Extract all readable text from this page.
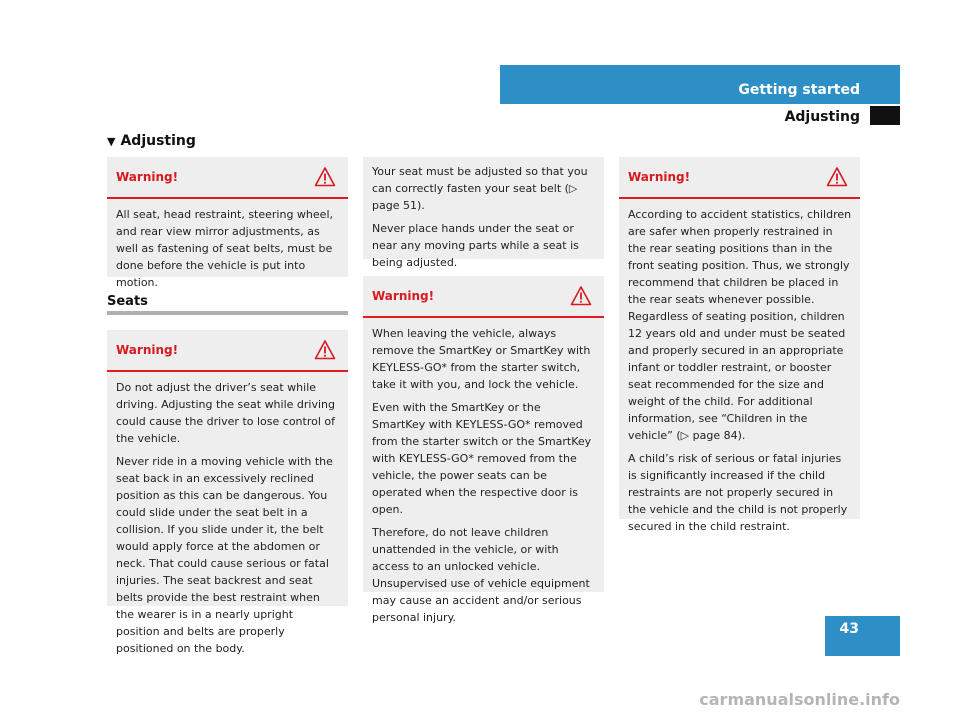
Getting started
Adjusting
▼ Adjusting
Warning!

All seat, head restraint, steering wheel, and rear view mirror adjustments, as well as fastening of seat belts, must be done before the vehicle is put into motion.

Seats
Warning!

Do not adjust the driver’s seat while driving. Adjusting the seat while driving could cause the driver to lose control of the vehicle.

Never ride in a moving vehicle with the seat back in an excessively reclined position as this can be dangerous. You could slide under the seat belt in a collision. If you slide under it, the belt would apply force at the abdomen or neck. That could cause serious or fatal injuries. The seat backrest and seat belts provide the best restraint when the wearer is in a nearly upright position and belts are properly positioned on the body.

Your seat must be adjusted so that you can correctly fasten your seat belt (▷ page 51).

Never place hands under the seat or near any moving parts while a seat is being adjusted.

Warning!

When leaving the vehicle, always remove the SmartKey or SmartKey with KEYLESS-GO* from the starter switch, take it with you, and lock the vehicle.

Even with the SmartKey or the SmartKey with KEYLESS-GO* removed from the starter switch or the SmartKey with KEYLESS-GO* removed from the vehicle, the power seats can be operated when the respective door is open.

Therefore, do not leave children unattended in the vehicle, or with access to an unlocked vehicle. Unsupervised use of vehicle equipment may cause an accident and/or serious personal injury.

Warning!

According to accident statistics, children are safer when properly restrained in the rear seating positions than in the front seating position. Thus, we strongly recommend that children be placed in the rear seats whenever possible. Regardless of seating position, children 12 years old and under must be seated and properly secured in an appropriate infant or toddler restraint, or booster seat recommended for the size and weight of the child. For additional information, see “Children in the vehicle” (▷ page 84).

A child’s risk of serious or fatal injuries is significantly increased if the child restraints are not properly secured in the vehicle and the child is not properly secured in the child restraint.

43
carmanualsonline.info
